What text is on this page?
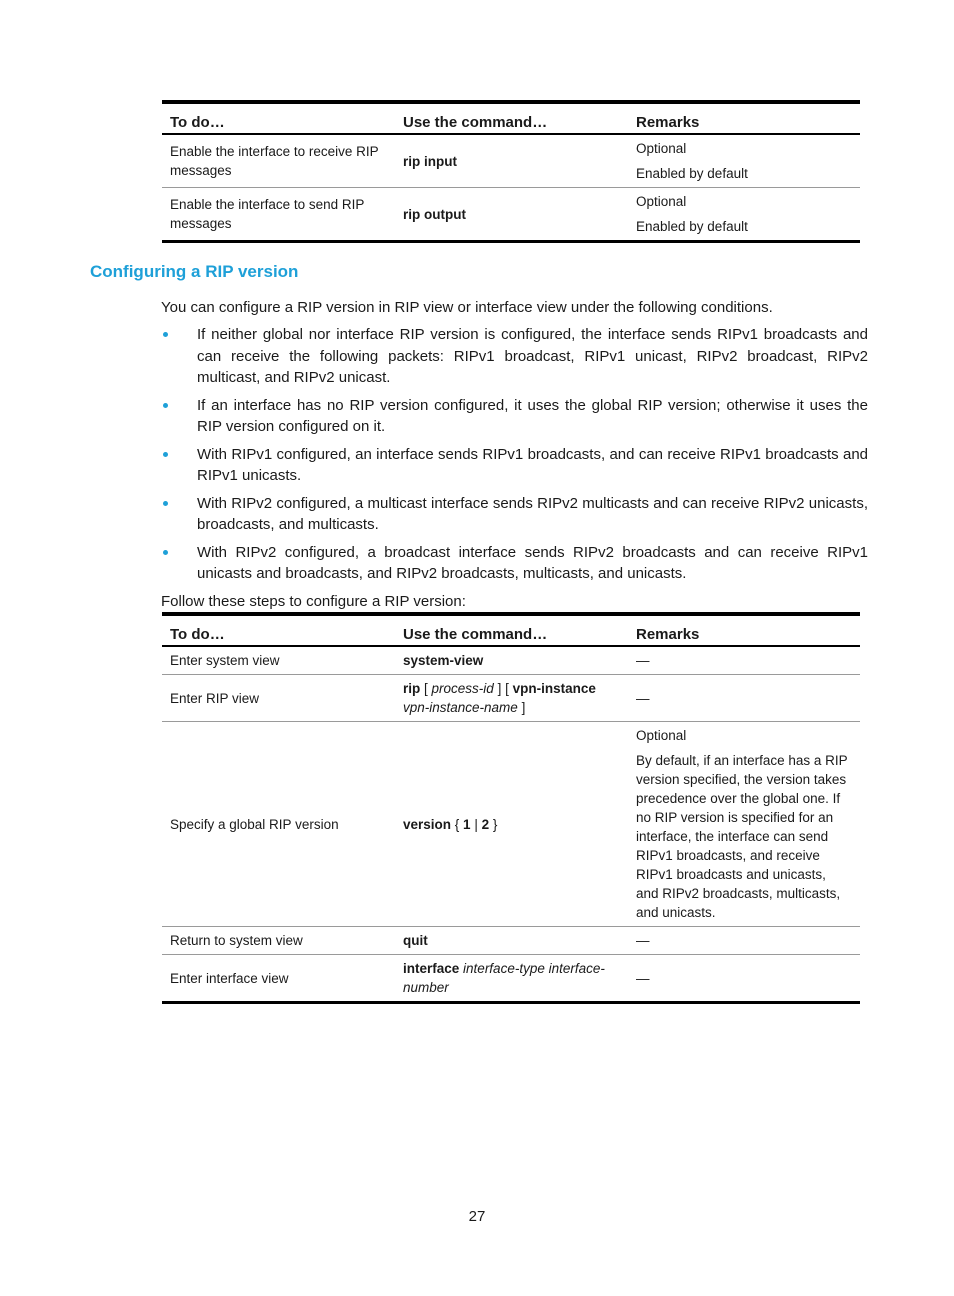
To do…	Use the command…	Remarks
Enable the interface to receive RIP messages	rip input	Optional
Enabled by default

Enable the interface to send RIP messages	rip output	Optional
Enabled by default
Configuring a RIP version

You can configure a RIP version in RIP view or interface view under the following conditions.

If neither global nor interface RIP version is configured, the interface sends RIPv1 broadcasts and can receive the following packets: RIPv1 broadcast, RIPv1 unicast, RIPv2 broadcast, RIPv2 multicast, and RIPv2 unicast.
If an interface has no RIP version configured, it uses the global RIP version; otherwise it uses the RIP version configured on it.
With RIPv1 configured, an interface sends RIPv1 broadcasts, and can receive RIPv1 broadcasts and RIPv1 unicasts.
With RIPv2 configured, a multicast interface sends RIPv2 multicasts and can receive RIPv2 unicasts, broadcasts, and multicasts.
With RIPv2 configured, a broadcast interface sends RIPv2 broadcasts and can receive RIPv1 unicasts and broadcasts, and RIPv2 broadcasts, multicasts, and unicasts.

Follow these steps to configure a RIP version:

To do…	Use the command…	Remarks
Enter system view	system-view	—
Enter RIP view	rip [ process-id ] [ vpn-instance vpn-instance-name ]	—
Specify a global RIP version	version { 1 | 2 }	Optional
By default, if an interface has a RIP version specified, the version takes precedence over the global one. If no RIP version is specified for an interface, the interface can send RIPv1 broadcasts, and receive RIPv1 broadcasts and unicasts, and RIPv2 broadcasts, multicasts, and unicasts.

Return to system view	quit	—
Enter interface view	interface interface-type interface-number	—
27
